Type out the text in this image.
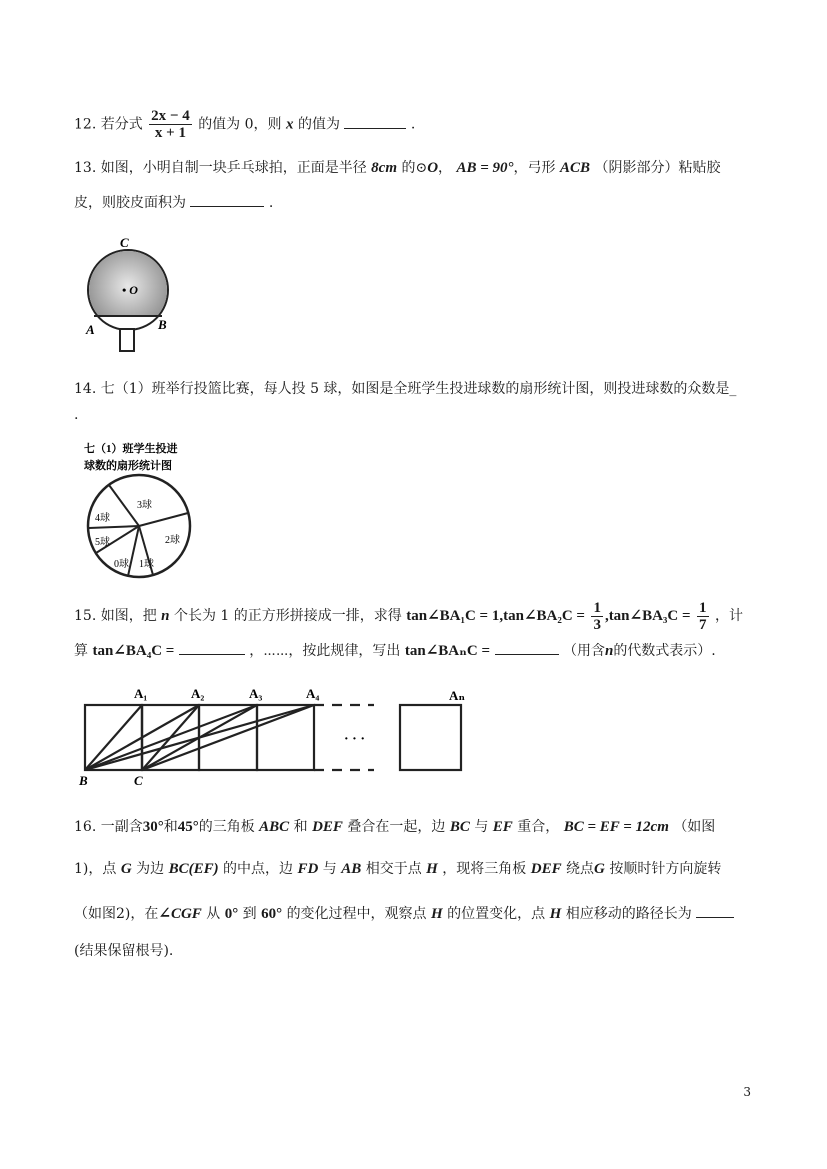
12. 若分式 $\frac{2x - 4}{x + 1}$ 的值为 0，则 x 的值为	.
13. 如图，小明自制一块乒乓球拍，正面是半径 8cm 的⊙O， AB = 90°，弓形 ACB （阴影部分）粘贴胶
皮，则胶皮面积为	.
C
• O
A	B
14. 七（1）班举行投篮比赛，每人投 5 球，如图是全班学生投进球数的扇形统计图，则投进球数的众数是_
.
七（1）班学生投进
球数的扇形统计图
3球
2球
1球
0球
5球
4球
15. 如图，把 n 个长为 1 的正方形拼接成一排，求得 tan∠BA₁C = 1,tan∠BA₂C = $\frac{1}{3}$ ,tan∠BA₃C = $\frac{1}{7}$ ，计
算 tan∠BA₄C =	，⋯⋯，按此规律，写出 tan∠BAₙC =	（用含n的代数式表示）.
A₁	A₂	A₃	A₄	Aₙ
· · ·
B	C
16. 一副含30°和45°的三角板 ABC 和 DEF 叠合在一起，边 BC 与 EF 重合， BC = EF = 12cm （如图
1)，点 G 为边 BC(EF) 的中点，边 FD 与 AB 相交于点 H ，现将三角板 DEF 绕点G 按顺时针方向旋转
（如图2)，在∠CGF 从 0° 到 60° 的变化过程中，观察点 H 的位置变化，点 H 相应移动的路径长为
(结果保留根号).
3
